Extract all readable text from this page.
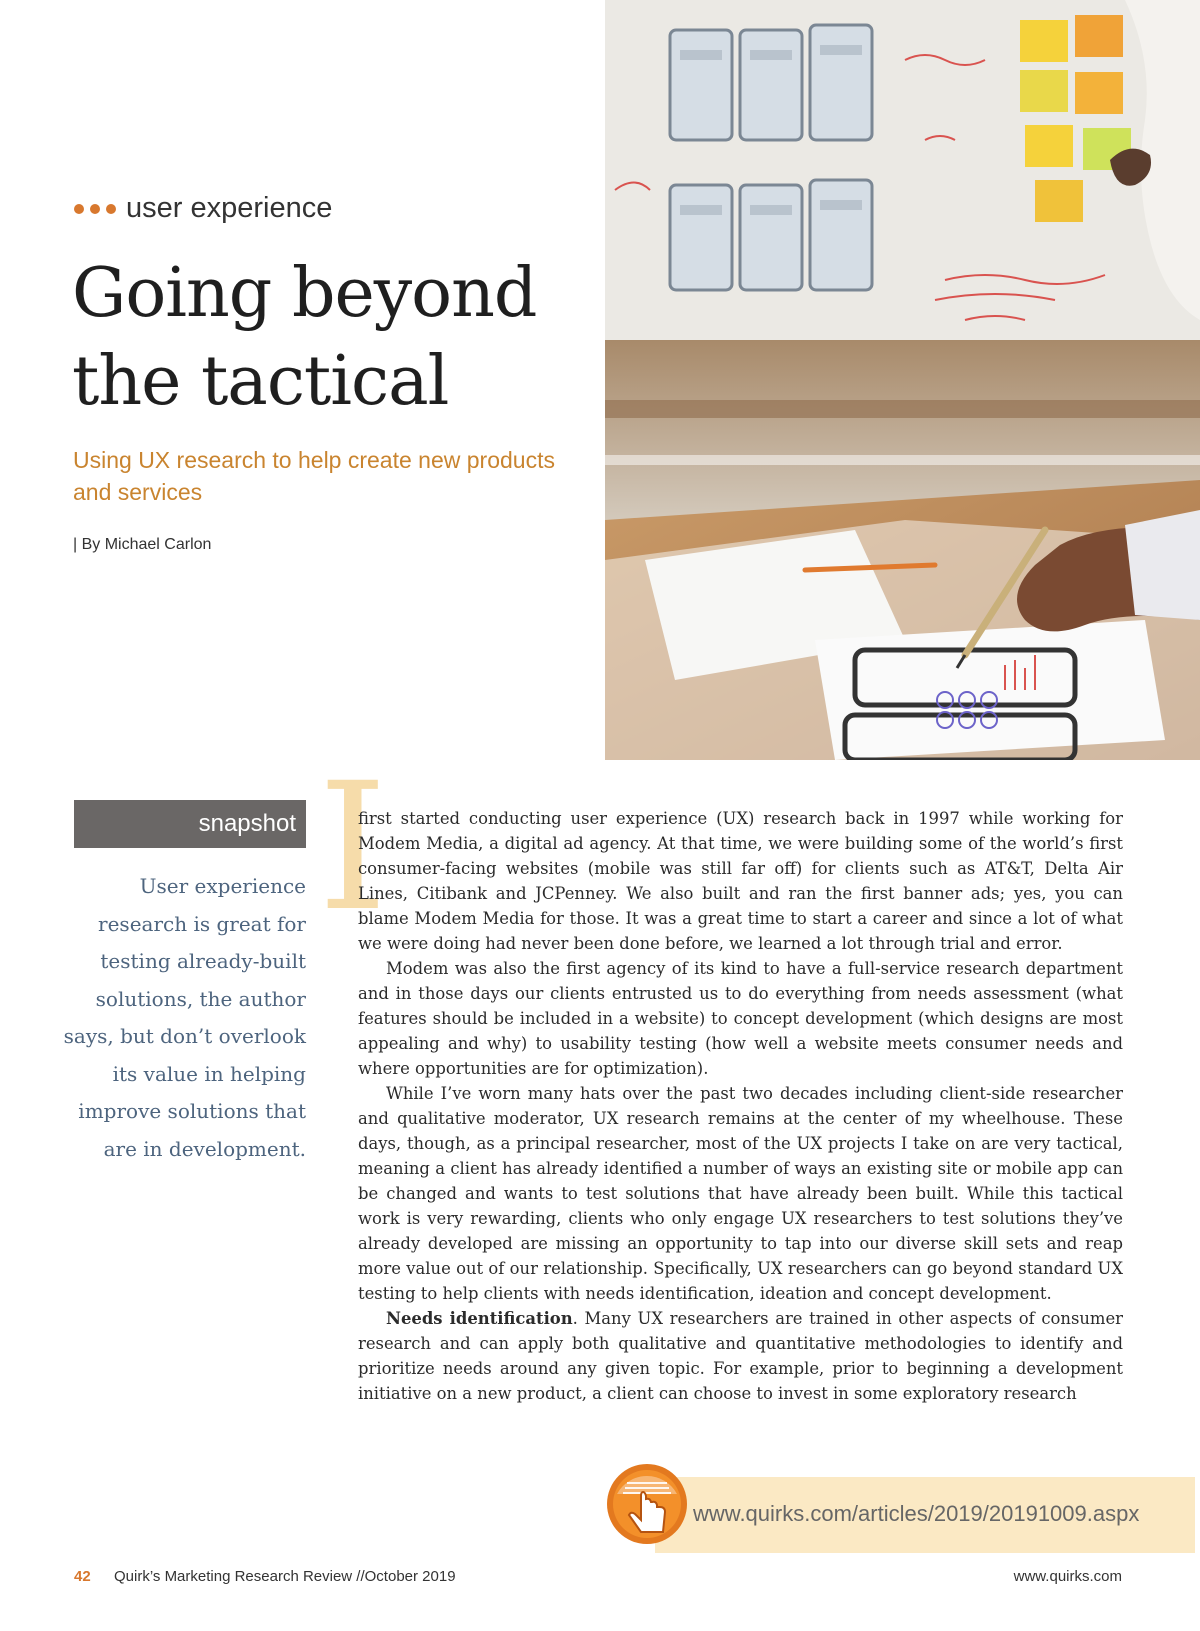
user experience
Going beyond the tactical
Using UX research to help create new products and services
| By Michael Carlon
snapshot
User experience research is great for testing already-built solutions, the author says, but don’t overlook its value in helping improve solutions that are in development.
I

first started conducting user experience (UX) research back in 1997 while working for Modem Media, a digital ad agency. At that time, we were building some of the world’s first consumer-facing websites (mobile was still far off) for clients such as AT&T, Delta Air Lines, Citibank and JCPenney. We also built and ran the first banner ads; yes, you can blame Modem Media for those. It was a great time to start a career and since a lot of what we were doing had never been done before, we learned a lot through trial and error.

Modem was also the first agency of its kind to have a full-service research department and in those days our clients entrusted us to do everything from needs assessment (what features should be included in a website) to concept development (which designs are most appealing and why) to usability testing (how well a website meets consumer needs and where opportunities are for optimization).

While I’ve worn many hats over the past two decades including client-side researcher and qualitative moderator, UX research remains at the center of my wheelhouse. These days, though, as a principal researcher, most of the UX projects I take on are very tactical, meaning a client has already identified a number of ways an existing site or mobile app can be changed and wants to test solutions that have already been built. While this tactical work is very rewarding, clients who only engage UX researchers to test solutions they’ve already developed are missing an opportunity to tap into our diverse skill sets and reap more value out of our relationship. Specifically, UX researchers can go beyond standard UX testing to help clients with needs identification, ideation and concept development.

Needs identification. Many UX researchers are trained in other aspects of consumer research and can apply both qualitative and quantitative methodologies to identify and prioritize needs around any given topic. For example, prior to beginning a development initiative on a new product, a client can choose to invest in some exploratory research

www.quirks.com/articles/2019/20191009.aspx
42 Quirk’s Marketing Research Review //October 2019	www.quirks.com
